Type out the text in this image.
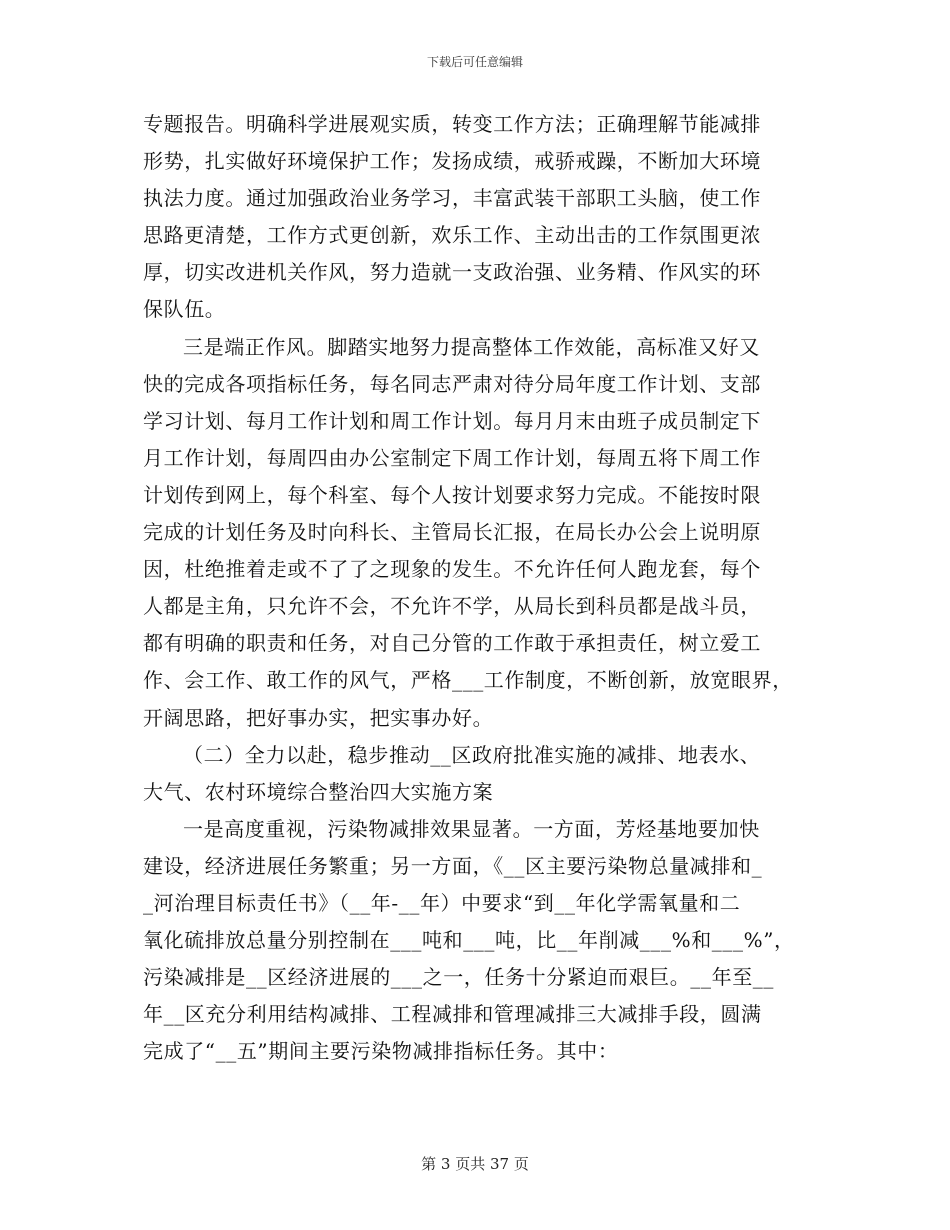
下载后可任意编辑
专题报告。明确科学进展观实质，转变工作方法；正确理解节能减排
形势，扎实做好环境保护工作；发扬成绩，戒骄戒躁，不断加大环境
执法力度。通过加强政治业务学习，丰富武装干部职工头脑，使工作
思路更清楚，工作方式更创新，欢乐工作、主动出击的工作氛围更浓
厚，切实改进机关作风，努力造就一支政治强、业务精、作风实的环
保队伍。
三是端正作风。脚踏实地努力提高整体工作效能，高标准又好又
快的完成各项指标任务，每名同志严肃对待分局年度工作计划、支部
学习计划、每月工作计划和周工作计划。每月月末由班子成员制定下
月工作计划，每周四由办公室制定下周工作计划，每周五将下周工作
计划传到网上，每个科室、每个人按计划要求努力完成。不能按时限
完成的计划任务及时向科长、主管局长汇报，在局长办公会上说明原
因，杜绝推着走或不了了之现象的发生。不允许任何人跑龙套，每个
人都是主角，只允许不会，不允许不学，从局长到科员都是战斗员，
都有明确的职责和任务，对自己分管的工作敢于承担责任，树立爱工
作、会工作、敢工作的风气，严格___工作制度，不断创新，放宽眼界，
开阔思路，把好事办实，把实事办好。
（二）全力以赴，稳步推动__区政府批准实施的减排、地表水、
大气、农村环境综合整治四大实施方案
一是高度重视，污染物减排效果显著。一方面，芳烃基地要加快
建设，经济进展任务繁重；另一方面，《__区主要污染物总量减排和_
_河治理目标责任书》（__年-__年）中要求“到__年化学需氧量和二
氧化硫排放总量分别控制在___吨和___吨，比__年削减___%和___%”，
污染减排是__区经济进展的___之一，任务十分紧迫而艰巨。__年至__
年__区充分利用结构减排、工程减排和管理减排三大减排手段，圆满
完成了“__五”期间主要污染物减排指标任务。其中：
第 3 页共 37 页
